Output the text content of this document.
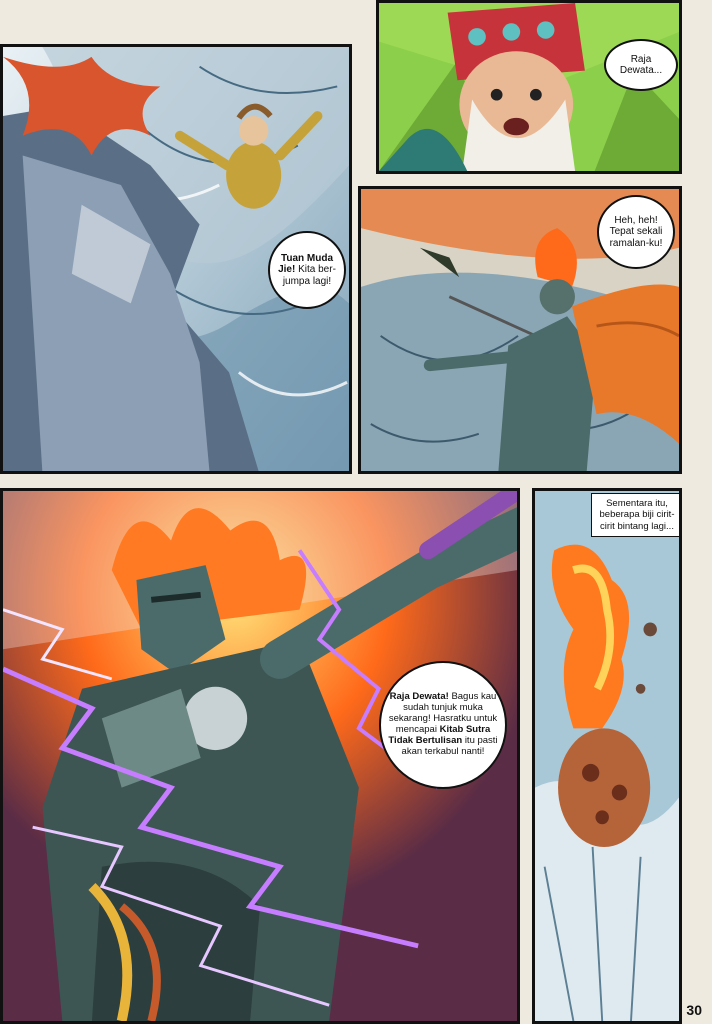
Tuan Muda Jie! Kita ber-jumpa lagi!
Raja Dewata...
Heh, heh! Tepat sekali ramalan-ku!
Raja Dewata! Bagus kau sudah tunjuk muka sekarang! Hasratku untuk mencapai Kitab Sutra Tidak Bertulisan itu pasti akan terkabul nanti!
Sementara itu, beberapa biji cirit-cirit bintang lagi...
30
